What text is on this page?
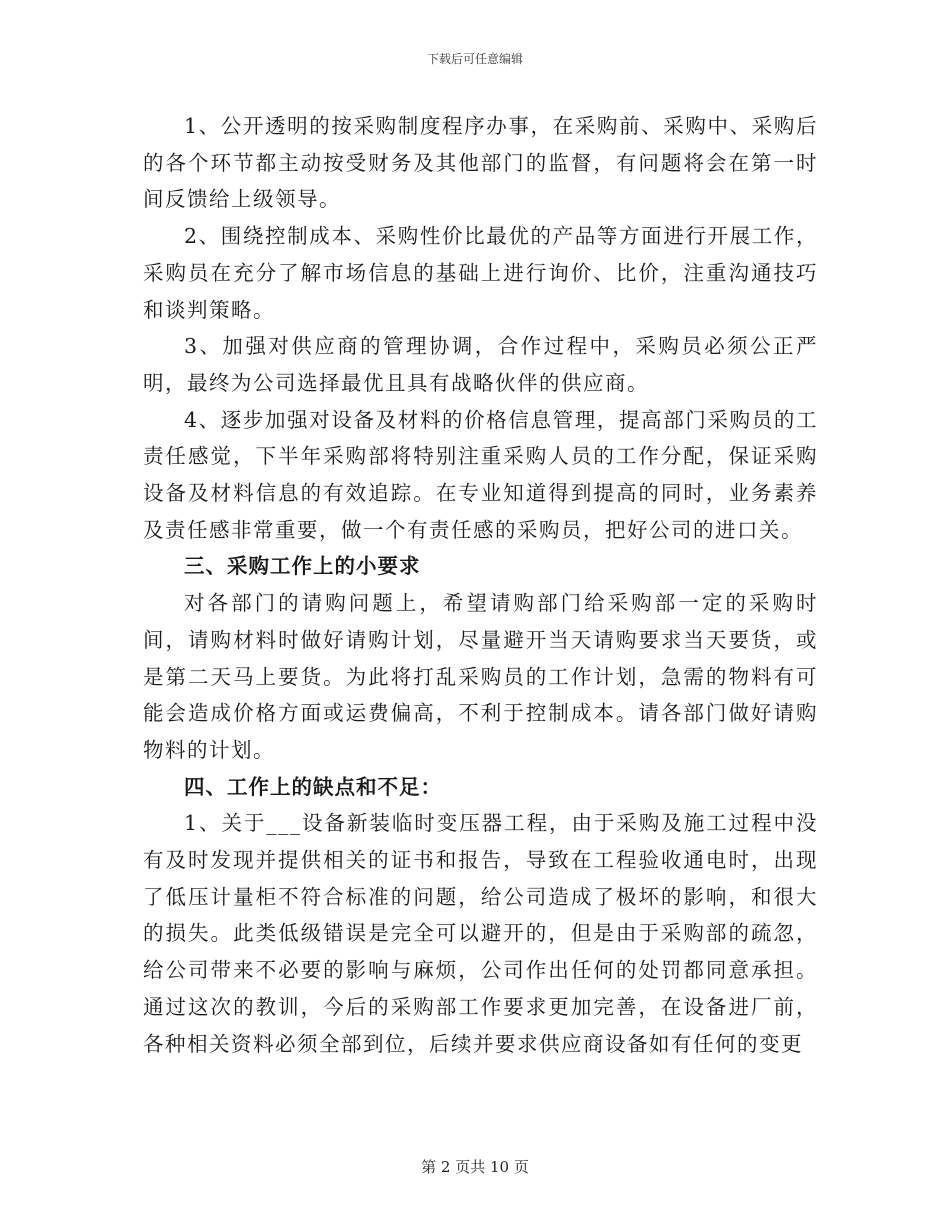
下载后可任意编辑

1、公开透明的按采购制度程序办事，在采购前、采购中、采购后的各个环节都主动按受财务及其他部门的监督，有问题将会在第一时间反馈给上级领导。

2、围绕控制成本、采购性价比最优的产品等方面进行开展工作，采购员在充分了解市场信息的基础上进行询价、比价，注重沟通技巧和谈判策略。

3、加强对供应商的管理协调，合作过程中，采购员必须公正严明，最终为公司选择最优且具有战略伙伴的供应商。

4、逐步加强对设备及材料的价格信息管理，提高部门采购员的工责任感觉，下半年采购部将特别注重采购人员的工作分配，保证采购设备及材料信息的有效追踪。在专业知道得到提高的同时，业务素养及责任感非常重要，做一个有责任感的采购员，把好公司的进口关。

三、采购工作上的小要求

对各部门的请购问题上，希望请购部门给采购部一定的采购时间，请购材料时做好请购计划，尽量避开当天请购要求当天要货，或是第二天马上要货。为此将打乱采购员的工作计划，急需的物料有可能会造成价格方面或运费偏高，不利于控制成本。请各部门做好请购物料的计划。

四、工作上的缺点和不足：

1、关于___设备新装临时变压器工程，由于采购及施工过程中没有及时发现并提供相关的证书和报告，导致在工程验收通电时，出现了低压计量柜不符合标准的问题，给公司造成了极坏的影响，和很大的损失。此类低级错误是完全可以避开的，但是由于采购部的疏忽，给公司带来不必要的影响与麻烦，公司作出任何的处罚都同意承担。通过这次的教训，今后的采购部工作要求更加完善，在设备进厂前，各种相关资料必须全部到位，后续并要求供应商设备如有任何的变更

第 2 页共 10 页
